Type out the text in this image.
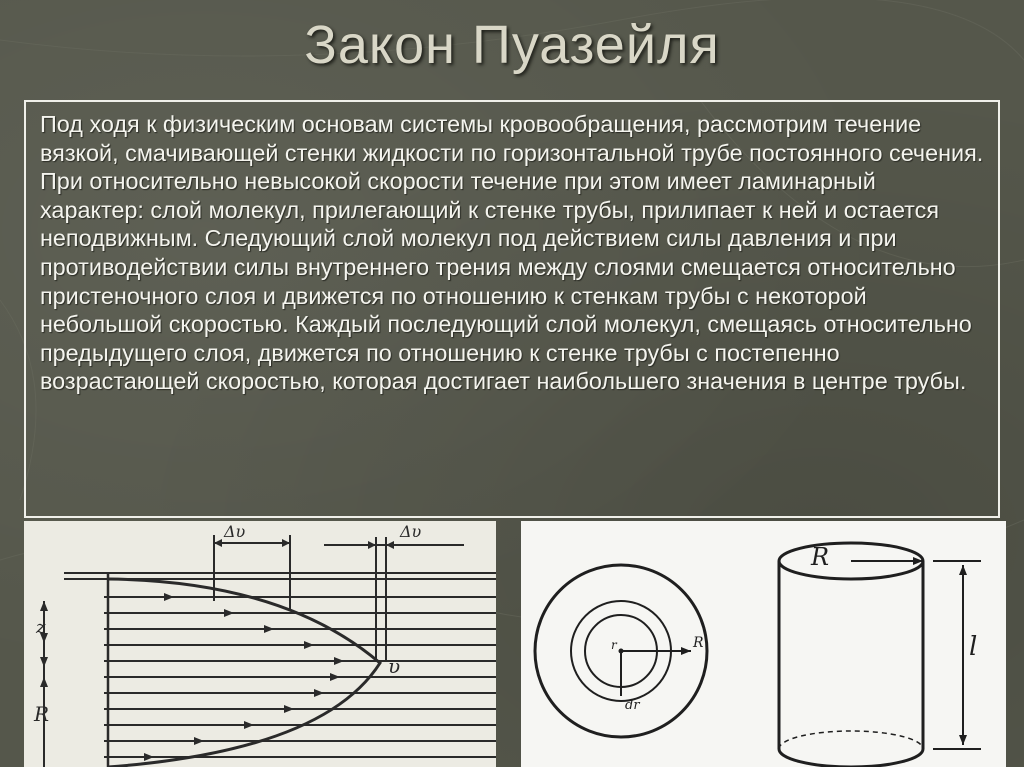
Закон Пуазейля

Под ходя к физическим основам системы кровообращения, рассмотрим течение вязкой, смачивающей стенки жидкости по горизонтальной трубе постоянного сечения. При относительно невысокой скорости течение при этом имеет ламинарный характер: слой молекул, прилегающий к стенке трубы, прилипает к ней и остается неподвижным. Следующий слой молекул под действием силы давления и при противодействии силы внутреннего трения между слоями смещается относительно пристеночного слоя и движется по отношению к стенкам трубы с некоторой небольшой скоростью. Каждый последующий слой молекул, смещаясь относительно предыдущего слоя, движется по отношению к стенке трубы с постепенно возрастающей скоростью, которая достигает наибольшего значения в центре трубы.

Δυ	Δυ
z
R
υ
R
l
r	R
dr
